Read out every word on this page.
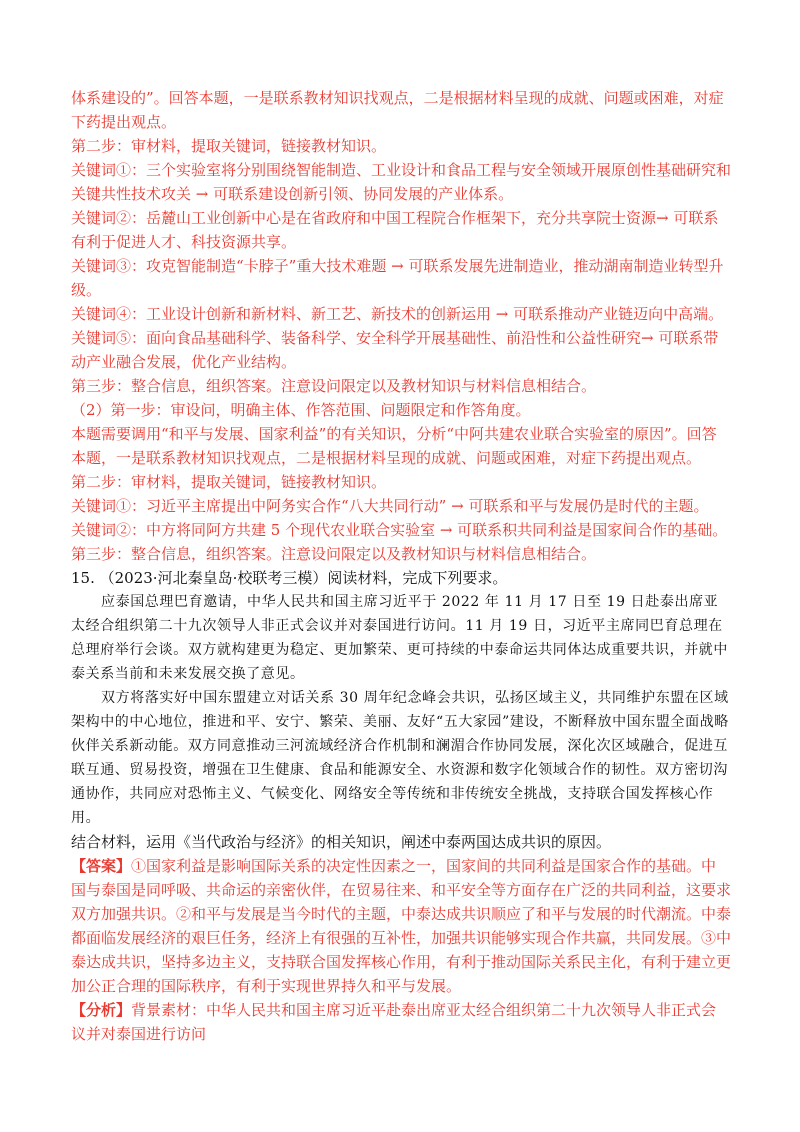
体系建设的”。回答本题，一是联系教材知识找观点，二是根据材料呈现的成就、问题或困难，对症下药提出观点。

第二步：审材料，提取关键词，链接教材知识。

关键词①：三个实验室将分别围绕智能制造、工业设计和食品工程与安全领域开展原创性基础研究和关键共性技术攻关 → 可联系建设创新引领、协同发展的产业体系。

关键词②：岳麓山工业创新中心是在省政府和中国工程院合作框架下，充分共享院士资源→ 可联系有利于促进人才、科技资源共享。

关键词③：攻克智能制造“卡脖子”重大技术难题 → 可联系发展先进制造业，推动湖南制造业转型升级。

关键词④：工业设计创新和新材料、新工艺、新技术的创新运用 → 可联系推动产业链迈向中高端。

关键词⑤：面向食品基础科学、装备科学、安全科学开展基础性、前沿性和公益性研究→ 可联系带动产业融合发展，优化产业结构。

第三步：整合信息，组织答案。注意设问限定以及教材知识与材料信息相结合。

（2）第一步：审设问，明确主体、作答范围、问题限定和作答角度。

本题需要调用“和平与发展、国家利益”的有关知识，分析“中阿共建农业联合实验室的原因”。回答本题，一是联系教材知识找观点，二是根据材料呈现的成就、问题或困难，对症下药提出观点。

第二步：审材料，提取关键词，链接教材知识。

关键词①：习近平主席提出中阿务实合作“八大共同行动” → 可联系和平与发展仍是时代的主题。

关键词②：中方将同阿方共建 5 个现代农业联合实验室 → 可联系积共同利益是国家间合作的基础。

第三步：整合信息，组织答案。注意设问限定以及教材知识与材料信息相结合。

15. （2023·河北秦皇岛·校联考三模）阅读材料，完成下列要求。

应泰国总理巴育邀请，中华人民共和国主席习近平于 2022 年 11 月 17 日至 19 日赴泰出席亚太经合组织第二十九次领导人非正式会议并对泰国进行访问。11 月 19 日，习近平主席同巴育总理在总理府举行会谈。双方就构建更为稳定、更加繁荣、更可持续的中泰命运共同体达成重要共识，并就中泰关系当前和未来发展交换了意见。

双方将落实好中国东盟建立对话关系 30 周年纪念峰会共识，弘扬区域主义，共同维护东盟在区域架构中的中心地位，推进和平、安宁、繁荣、美丽、友好“五大家园”建设，不断释放中国东盟全面战略伙伴关系新动能。双方同意推动三河流域经济合作机制和澜湄合作协同发展，深化次区域融合，促进互联互通、贸易投资，增强在卫生健康、食品和能源安全、水资源和数字化领域合作的韧性。双方密切沟通协作，共同应对恐怖主义、气候变化、网络安全等传统和非传统安全挑战，支持联合国发挥核心作用。

结合材料，运用《当代政治与经济》的相关知识，阐述中泰两国达成共识的原因。

【答案】①国家利益是影响国际关系的决定性因素之一，国家间的共同利益是国家合作的基础。中国与泰国是同呼吸、共命运的亲密伙伴，在贸易往来、和平安全等方面存在广泛的共同利益，这要求双方加强共识。②和平与发展是当今时代的主题，中泰达成共识顺应了和平与发展的时代潮流。中泰都面临发展经济的艰巨任务，经济上有很强的互补性，加强共识能够实现合作共赢，共同发展。③中泰达成共识，坚持多边主义，支持联合国发挥核心作用，有利于推动国际关系民主化，有利于建立更加公正合理的国际秩序，有利于实现世界持久和平与发展。

【分析】背景素材：中华人民共和国主席习近平赴泰出席亚太经合组织第二十九次领导人非正式会议并对泰国进行访问
